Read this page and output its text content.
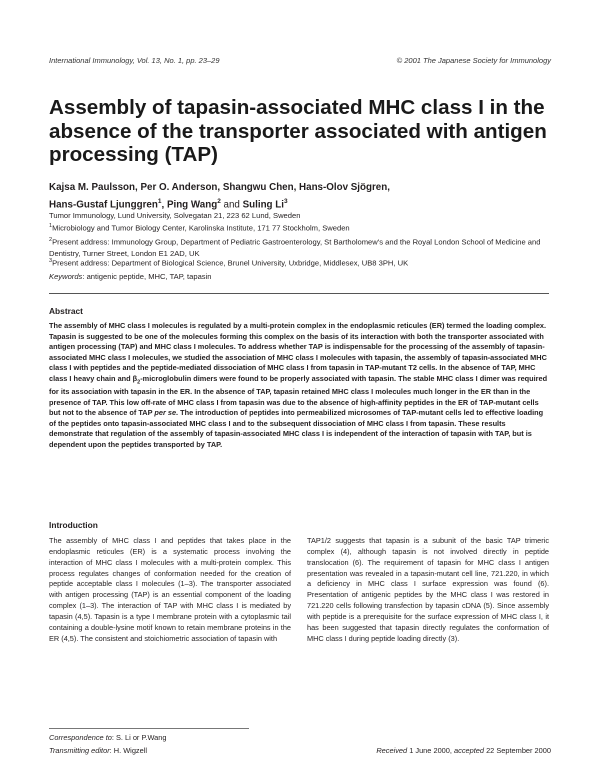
International Immunology, Vol. 13, No. 1, pp. 23–29	© 2001 The Japanese Society for Immunology
Assembly of tapasin-associated MHC class I in the absence of the transporter associated with antigen processing (TAP)
Kajsa M. Paulsson, Per O. Anderson, Shangwu Chen, Hans-Olov Sjögren,
Hans-Gustaf Ljunggren$^1$, Ping Wang$^2$ and Suling Li$^3$
Tumor Immunology, Lund University, Solvegatan 21, 223 62 Lund, Sweden
$^1$Microbiology and Tumor Biology Center, Karolinska Institute, 171 77 Stockholm, Sweden
$^2$Present address: Immunology Group, Department of Pediatric Gastroenterology, St Bartholomew's and the Royal London School of Medicine and Dentistry, Turner Street, London E1 2AD, UK
$^3$Present address: Department of Biological Science, Brunel University, Uxbridge, Middlesex, UB8 3PH, UK
Keywords: antigenic peptide, MHC, TAP, tapasin
Abstract

The assembly of MHC class I molecules is regulated by a multi-protein complex in the endoplasmic reticules (ER) termed the loading complex. Tapasin is suggested to be one of the molecules forming this complex on the basis of its interaction with both the transporter associated with antigen processing (TAP) and MHC class I molecules. To address whether TAP is indispensable for the processing of the assembly of tapasin-associated MHC class I molecules, we studied the association of MHC class I molecules with tapasin, the assembly of tapasin-associated MHC class I with peptides and the peptide-mediated dissociation of MHC class I from tapasin in TAP-mutant T2 cells. In the absence of TAP, MHC class I heavy chain and $\beta_2$-microglobulin dimers were found to be properly associated with tapasin. The stable MHC class I dimer was required for its association with tapasin in the ER. In the absence of TAP, tapasin retained MHC class I molecules much longer in the ER than in the presence of TAP. This low off-rate of MHC class I from tapasin was due to the absence of high-affinity peptides in the ER of TAP-mutant cells but not to the absence of TAP per se. The introduction of peptides into permeabilized microsomes of TAP-mutant cells led to effective loading of the peptides onto tapasin-associated MHC class I and to the subsequent dissociation of MHC class I from tapasin. These results demonstrate that regulation of the assembly of tapasin-associated MHC class I is independent of the interaction of tapasin with TAP, but is dependent upon the peptides transported by TAP.

Introduction

The assembly of MHC class I and peptides that takes place in the endoplasmic reticules (ER) is a systematic process involving the interaction of MHC class I molecules with a multi-protein complex. This process regulates changes of conformation needed for the creation of peptide acceptable class I molecules (1–3). The transporter associated with antigen processing (TAP) is an essential component of the loading complex (1–3). The interaction of TAP with MHC class I is mediated by tapasin (4,5). Tapasin is a type I membrane protein with a cytoplasmic tail containing a double-lysine motif known to retain membrane proteins in the ER (4,5). The consistent and stoichiometric association of tapasin with

TAP1/2 suggests that tapasin is a subunit of the basic TAP trimeric complex (4), although tapasin is not involved directly in peptide translocation (6). The requirement of tapasin for MHC class I antigen presentation was revealed in a tapasin-mutant cell line, 721.220, in which a deficiency in MHC class I surface expression was found (6). Presentation of antigenic peptides by the MHC class I was restored in 721.220 cells following transfection by tapasin cDNA (5). Since assembly with peptide is a prerequisite for the surface expression of MHC class I, it has been suggested that tapasin directly regulates the conformation of MHC class I during peptide loading directly (3).

Correspondence to: S. Li or P.Wang
Transmitting editor: H. Wigzell	Received 1 June 2000, accepted 22 September 2000
